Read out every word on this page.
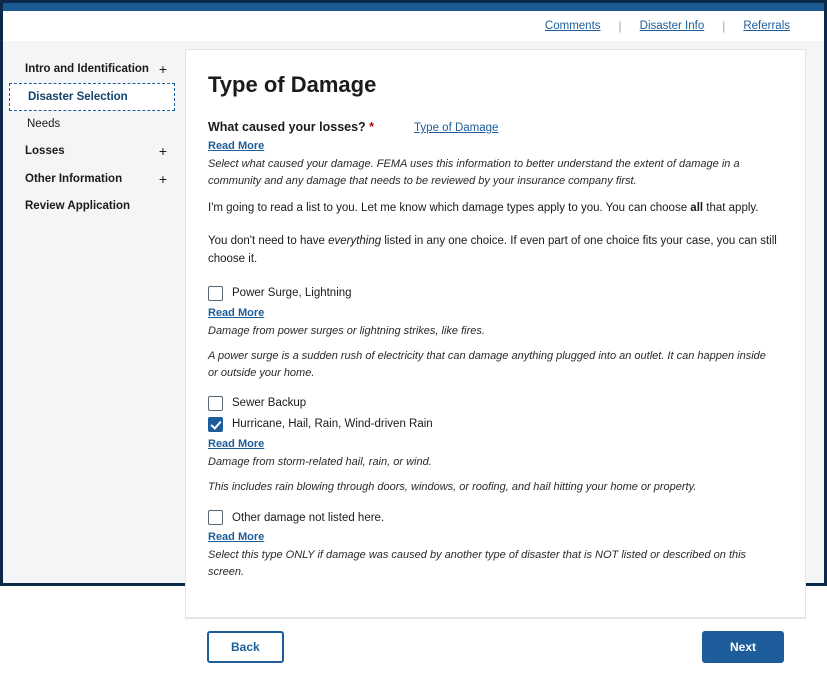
Comments	|	Disaster Info	|	Referrals
Intro and Identification +
Disaster Selection
Needs
Losses	+
Other Information	+
Review Application
Type of Damage
What caused your losses? *	Type of Damage
Read More
Select what caused your damage. FEMA uses this information to better understand the extent of damage in a community and any damage that needs to be reviewed by your insurance company first.

I'm going to read a list to you. Let me know which damage types apply to you. You can choose all that apply.

You don't need to have everything listed in any one choice. If even part of one choice fits your case, you can still choose it.

Power Surge, Lightning
Read More
Damage from power surges or lightning strikes, like fires.
A power surge is a sudden rush of electricity that can damage anything plugged into an outlet. It can happen inside or outside your home.
Sewer Backup
Hurricane, Hail, Rain, Wind-driven Rain
Read More
Damage from storm-related hail, rain, or wind.
This includes rain blowing through doors, windows, or roofing, and hail hitting your home or property.
Other damage not listed here.
Read More
Select this type ONLY if damage was caused by another type of disaster that is NOT listed or described on this screen.
Back	Next
